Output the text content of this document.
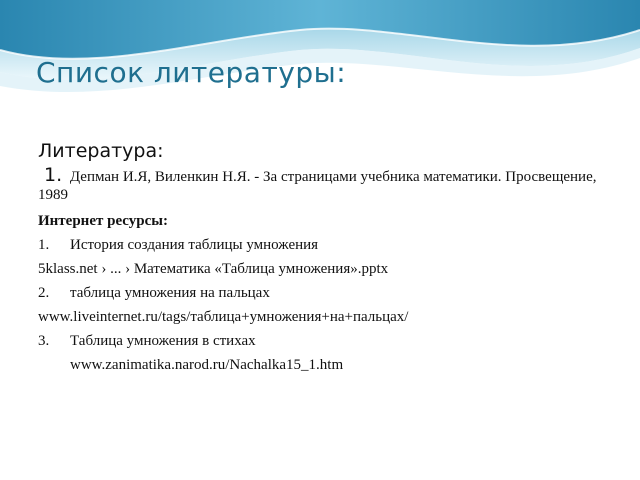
Список литературы:

Литература:

1. Депман И.Я, Виленкин Н.Я. - За страницами учебника математики. Просвещение, 1989

Интернет ресурсы:

1. История создания таблицы умножения

5klass.net › ... › Математика «Таблица умножения».pptx

2. таблица умножения на пальцах

www.liveinternet.ru/tags/таблица+умножения+на+пальцах/

3. Таблица умножения в стихах

www.zanimatika.narod.ru/Nachalka15_1.htm
